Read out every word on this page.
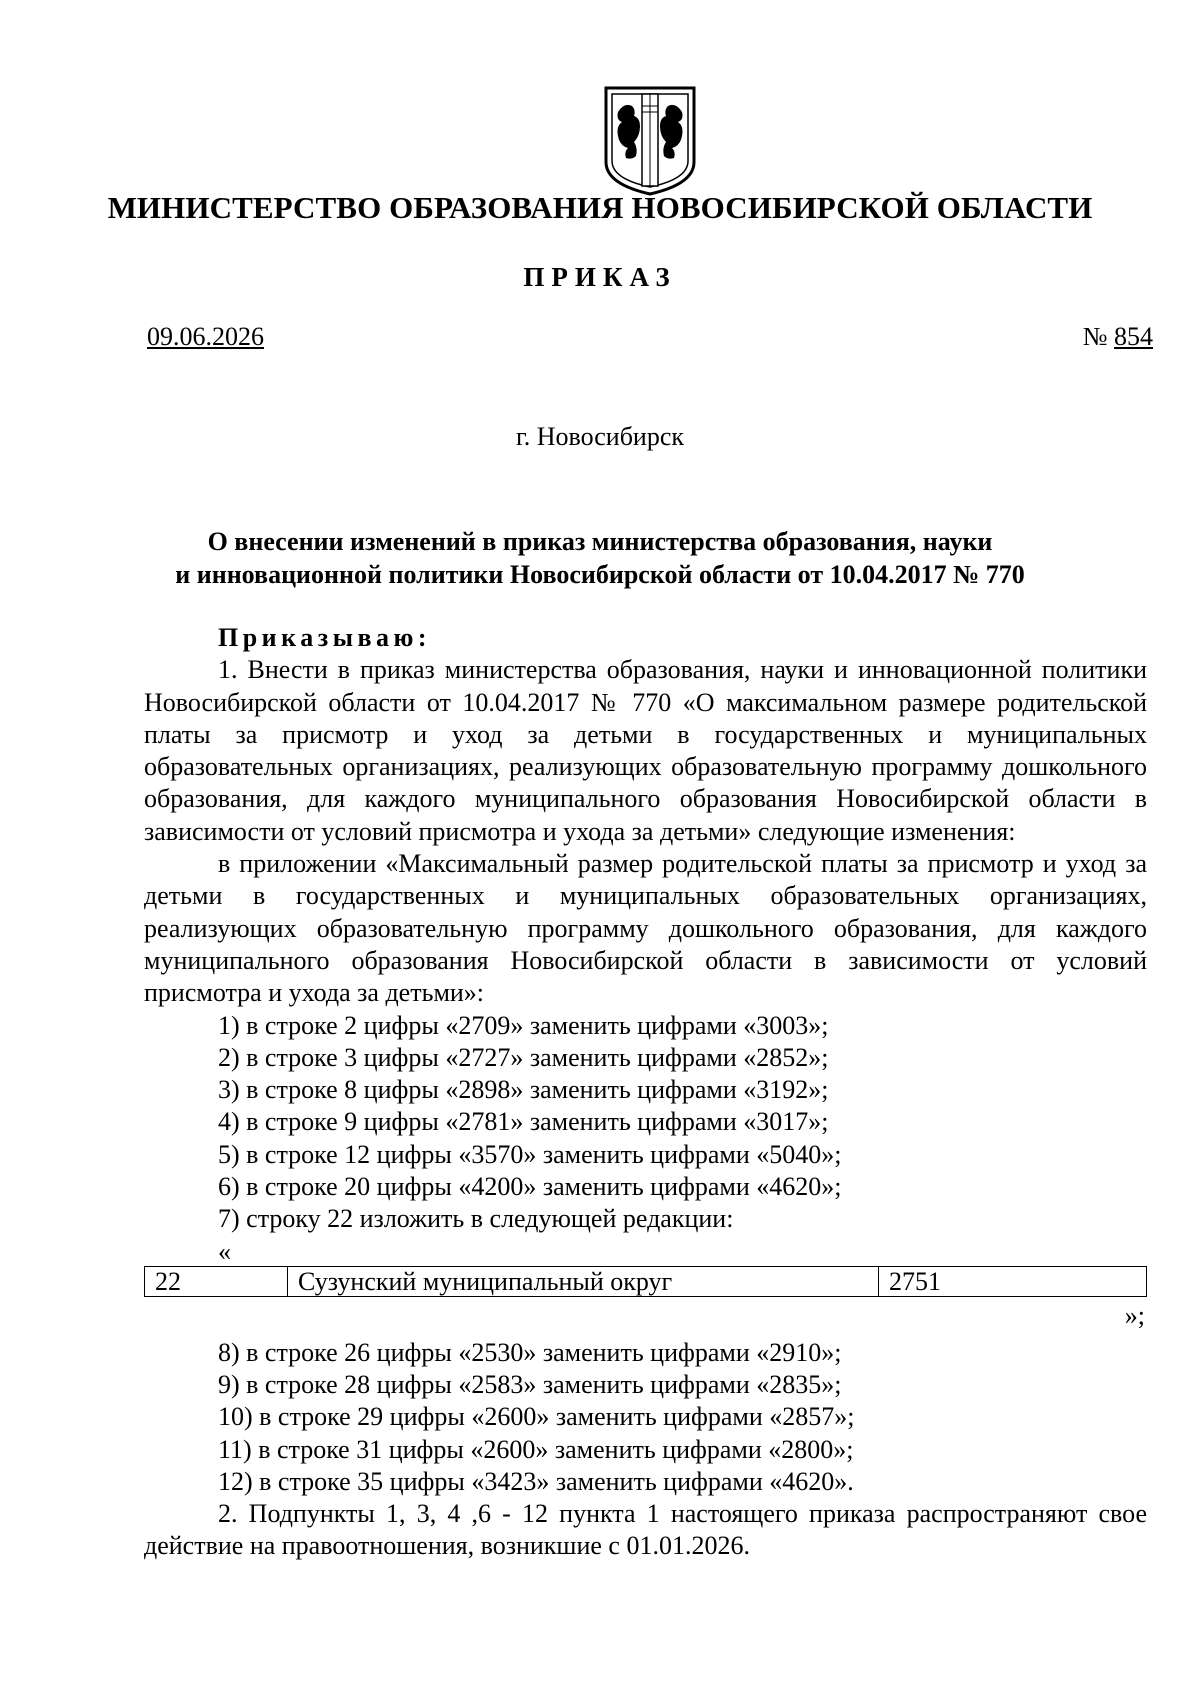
МИНИСТЕРСТВО ОБРАЗОВАНИЯ НОВОСИБИРСКОЙ ОБЛАСТИ
ПРИКАЗ
09.06.2026	№ 854
г. Новосибирск
О внесении изменений в приказ министерства образования, науки
и инновационной политики Новосибирской области от 10.04.2017 № 770
Приказываю:

1. Внести в приказ министерства образования, науки и инновационной политики Новосибирской области от 10.04.2017 № 770 «О максимальном размере родительской платы за присмотр и уход за детьми в государственных и муниципальных образовательных организациях, реализующих образовательную программу дошкольного образования, для каждого муниципального образования Новосибирской области в зависимости от условий присмотра и ухода за детьми» следующие изменения:

в приложении «Максимальный размер родительской платы за присмотр и уход за детьми в государственных и муниципальных образовательных организациях, реализующих образовательную программу дошкольного образования, для каждого муниципального образования Новосибирской области в зависимости от условий присмотра и ухода за детьми»:

1) в строке 2 цифры «2709» заменить цифрами «3003»;
2) в строке 3 цифры «2727» заменить цифрами «2852»;
3) в строке 8 цифры «2898» заменить цифрами «3192»;
4) в строке 9 цифры «2781» заменить цифрами «3017»;
5) в строке 12 цифры «3570» заменить цифрами «5040»;
6) в строке 20 цифры «4200» заменить цифрами «4620»;
7) строку 22 изложить в следующей редакции:
«
22	Сузунский муниципальный округ	2751
»;
8) в строке 26 цифры «2530» заменить цифрами «2910»;
9) в строке 28 цифры «2583» заменить цифрами «2835»;
10) в строке 29 цифры «2600» заменить цифрами «2857»;
11) в строке 31 цифры «2600» заменить цифрами «2800»;
12) в строке 35 цифры «3423» заменить цифрами «4620».

2. Подпункты 1, 3, 4 ,6 - 12 пункта 1 настоящего приказа распространяют свое действие на правоотношения, возникшие с 01.01.2026.
